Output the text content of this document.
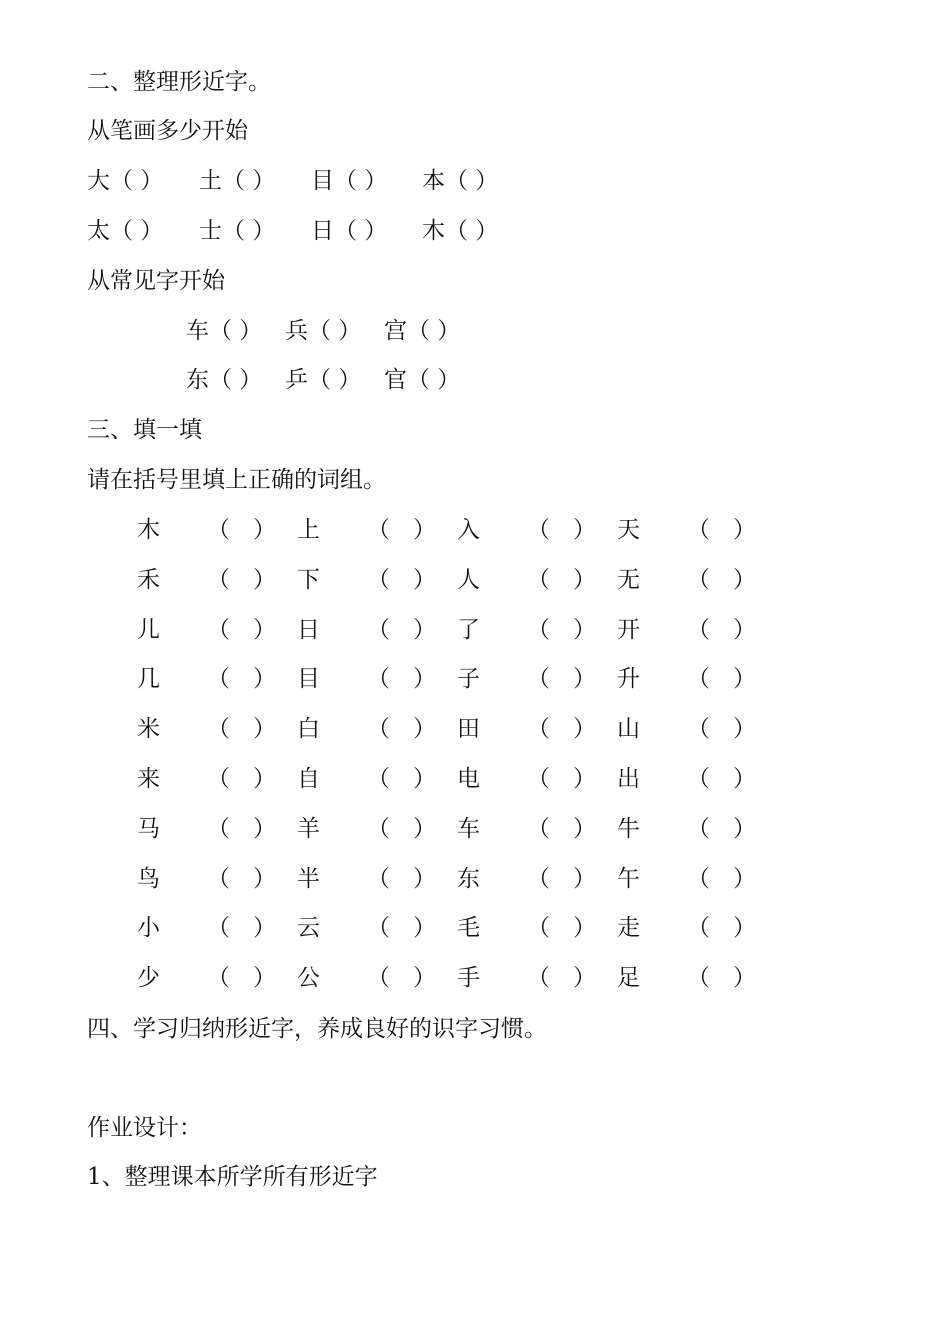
二、整理形近字。
从笔画多少开始
大（ ） 土（ ） 目（ ） 本（ ）
太（ ） 士（ ） 日（ ） 木（ ）
从常见字开始
车（ ） 兵（ ） 宫（ ）
东（ ） 乒（ ） 官（ ）
三、填一填
请在括号里填上正确的词组。
木 （ ） 上 （ ） 入 （ ） 天 （ ）
禾 （ ） 下 （ ） 人 （ ） 无 （ ）
儿 （ ） 日 （ ） 了 （ ） 开 （ ）
几 （ ） 目 （ ） 子 （ ） 升 （ ）
米 （ ） 白 （ ） 田 （ ） 山 （ ）
来 （ ） 自 （ ） 电 （ ） 出 （ ）
马 （ ） 羊 （ ） 车 （ ） 牛 （ ）
鸟 （ ） 半 （ ） 东 （ ） 午 （ ）
小 （ ） 云 （ ） 毛 （ ） 走 （ ）
少 （ ） 公 （ ） 手 （ ） 足 （ ）
四、学习归纳形近字，养成良好的识字习惯。
作业设计：
1、整理课本所学所有形近字
